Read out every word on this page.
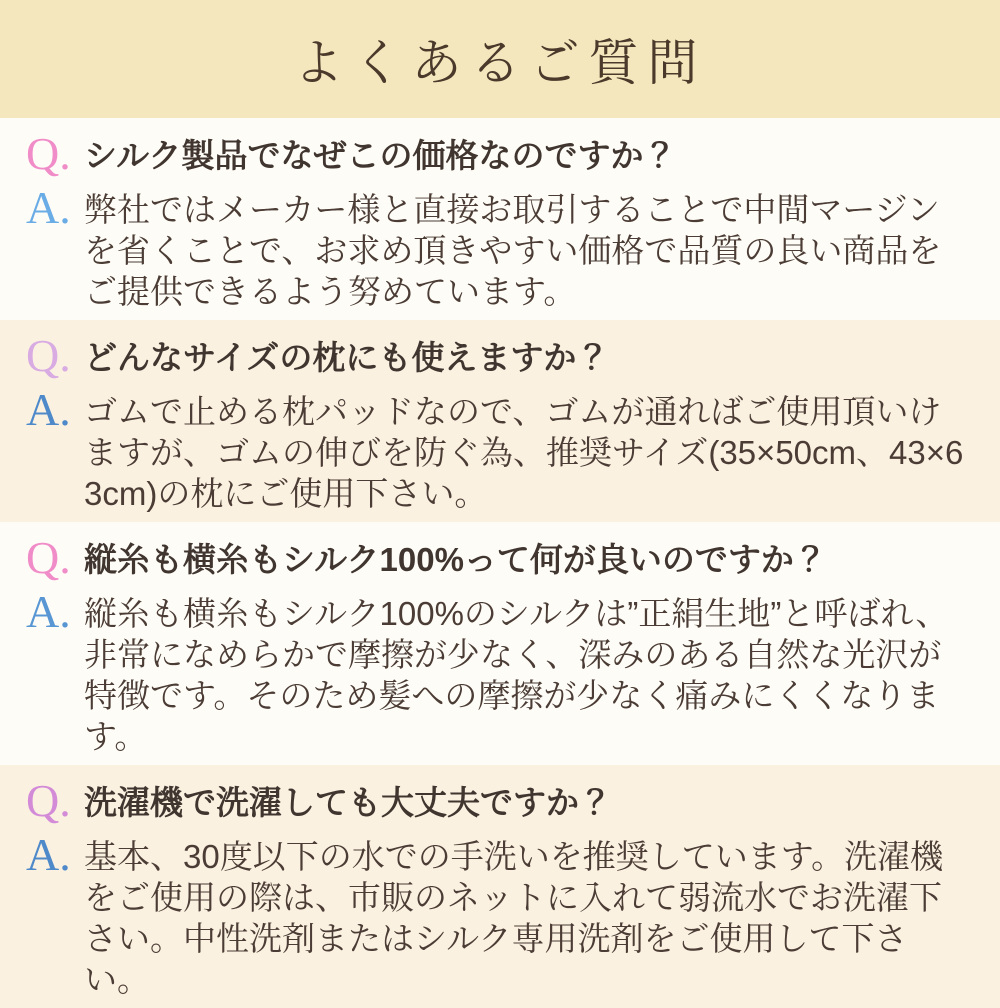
よくあるご質問
Q. シルク製品でなぜこの価格なのですか？

A. 弊社ではメーカー様と直接お取引することで中間マージンを省くことで、お求め頂きやすい価格で品質の良い商品をご提供できるよう努めています。

Q. どんなサイズの枕にも使えますか？

A. ゴムで止める枕パッドなので、ゴムが通ればご使用頂いけますが、ゴムの伸びを防ぐ為、推奨サイズ(35×50cm、43×63cm)の枕にご使用下さい。

Q. 縦糸も横糸もシルク100%って何が良いのですか？

A. 縦糸も横糸もシルク100%のシルクは”正絹生地”と呼ばれ、非常になめらかで摩擦が少なく、深みのある自然な光沢が特徴です。そのため髪への摩擦が少なく痛みにくくなります。

Q. 洗濯機で洗濯しても大丈夫ですか？

A. 基本、30度以下の水での手洗いを推奨しています。洗濯機をご使用の際は、市販のネットに入れて弱流水でお洗濯下さい。中性洗剤またはシルク専用洗剤をご使用して下さい。
